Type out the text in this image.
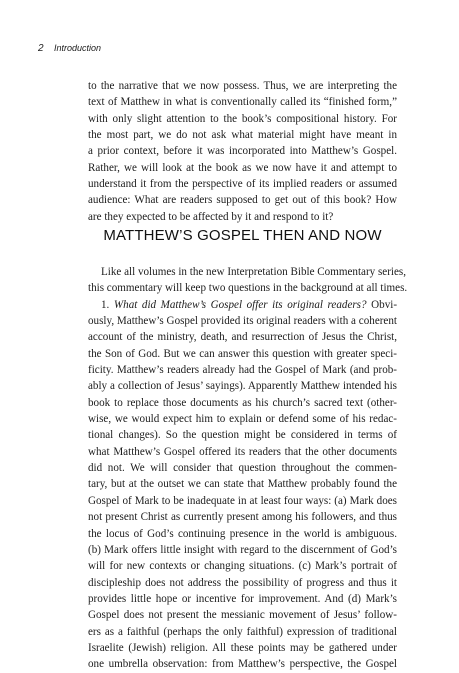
2 Introduction
to the narrative that we now possess. Thus, we are interpreting the
text of Matthew in what is conventionally called its “finished form,”
with only slight attention to the book’s compositional history. For
the most part, we do not ask what material might have meant in
a prior context, before it was incorporated into Matthew’s Gospel.
Rather, we will look at the book as we now have it and attempt to
understand it from the perspective of its implied readers or assumed
audience: What are readers supposed to get out of this book? How
are they expected to be affected by it and respond to it?
MATTHEW’S GOSPEL THEN AND NOW
Like all volumes in the new Interpretation Bible Commentary series,
this commentary will keep two questions in the background at all times.
1. What did Matthew’s Gospel offer its original readers? Obvi-
ously, Matthew’s Gospel provided its original readers with a coherent
account of the ministry, death, and resurrection of Jesus the Christ,
the Son of God. But we can answer this question with greater speci-
ficity. Matthew’s readers already had the Gospel of Mark (and prob-
ably a collection of Jesus’ sayings). Apparently Matthew intended his
book to replace those documents as his church’s sacred text (other-
wise, we would expect him to explain or defend some of his redac-
tional changes). So the question might be considered in terms of
what Matthew’s Gospel offered its readers that the other documents
did not. We will consider that question throughout the commen-
tary, but at the outset we can state that Matthew probably found the
Gospel of Mark to be inadequate in at least four ways: (a) Mark does
not present Christ as currently present among his followers, and thus
the locus of God’s continuing presence in the world is ambiguous.
(b) Mark offers little insight with regard to the discernment of God’s
will for new contexts or changing situations. (c) Mark’s portrait of
discipleship does not address the possibility of progress and thus it
provides little hope or incentive for improvement. And (d) Mark’s
Gospel does not present the messianic movement of Jesus’ follow-
ers as a faithful (perhaps the only faithful) expression of traditional
Israelite (Jewish) religion. All these points may be gathered under
one umbrella observation: from Matthew’s perspective, the Gospel
